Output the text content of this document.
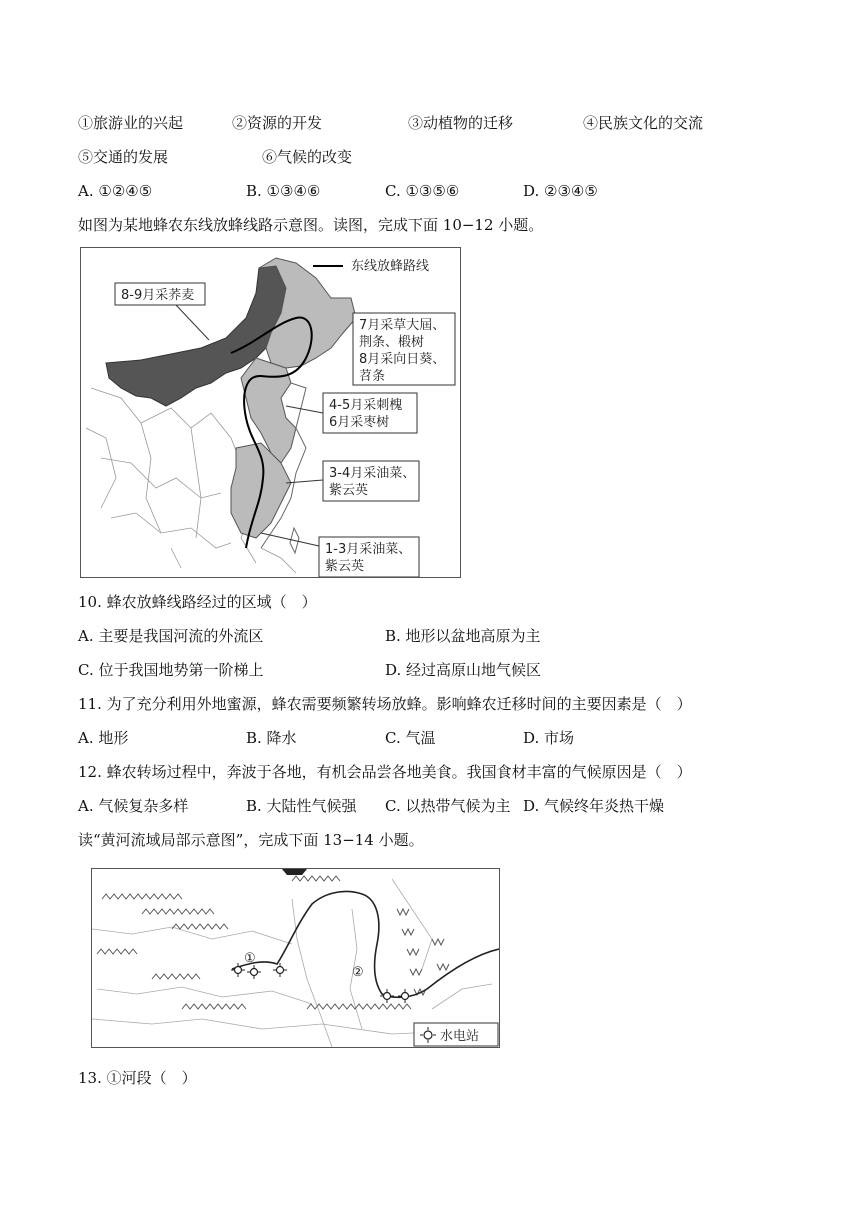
①旅游业的兴起	②资源的开发	③动植物的迁移	④民族文化的交流
⑤交通的发展	⑥气候的改变
A. ①②④⑤	B. ①③④⑥	C. ①③⑤⑥	D. ②③④⑤
如图为某地蜂农东线放蜂线路示意图。读图，完成下面 10−12 小题。
东线放蜂路线
8-9月采荞麦
7月采草大屆、
荆条、椴树
8月采向日葵、
苕条
4-5月采刺槐
6月采枣树
3-4月采油菜、
紫云英
1-3月采油菜、
紫云英
10. 蜂农放蜂线路经过的区域（　）
A. 主要是我国河流的外流区	B. 地形以盆地高原为主
C. 位于我国地势第一阶梯上	D. 经过高原山地气候区
11. 为了充分利用外地蜜源，蜂农需要频繁转场放蜂。影响蜂农迁移时间的主要因素是（　）
A. 地形	B. 降水	C. 气温	D. 市场
12. 蜂农转场过程中，奔波于各地，有机会品尝各地美食。我国食材丰富的气候原因是（　）
A. 气候复杂多样	B. 大陆性气候强 C. 以热带气候为主 D. 气候终年炎热干燥
读“黄河流域局部示意图”，完成下面 13−14 小题。
①
②
水电站
13. ①河段（　）
